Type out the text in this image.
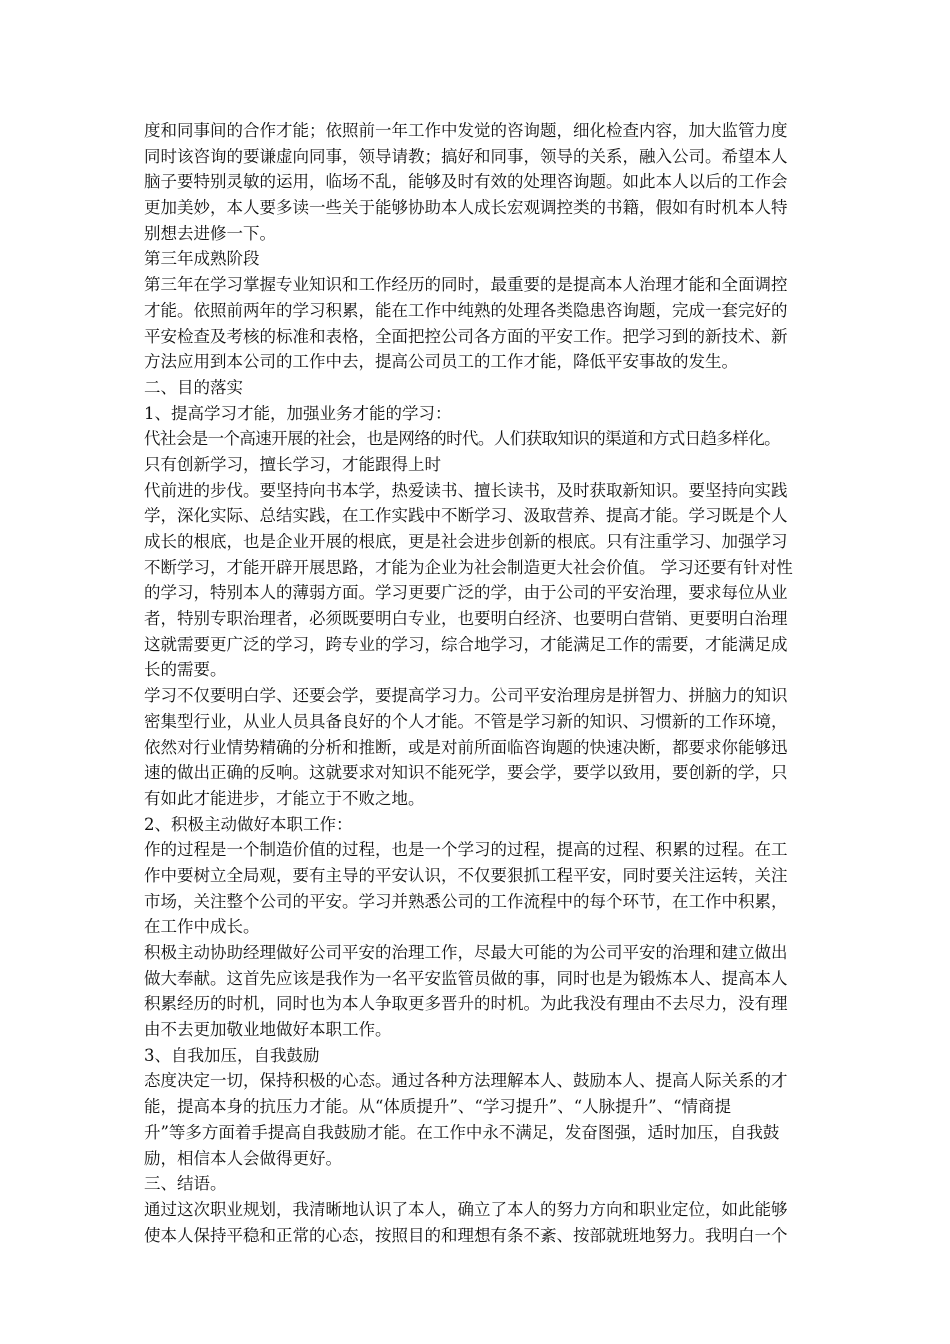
度和同事间的合作才能；依照前一年工作中发觉的咨询题，细化检查内容，加大监管力度
同时该咨询的要谦虚向同事，领导请教；搞好和同事，领导的关系，融入公司。希望本人
脑子要特别灵敏的运用，临场不乱，能够及时有效的处理咨询题。如此本人以后的工作会
更加美妙，本人要多读一些关于能够协助本人成长宏观调控类的书籍，假如有时机本人特
别想去进修一下。
第三年成熟阶段
第三年在学习掌握专业知识和工作经历的同时，最重要的是提高本人治理才能和全面调控
才能。依照前两年的学习积累，能在工作中纯熟的处理各类隐患咨询题，完成一套完好的
平安检查及考核的标准和表格，全面把控公司各方面的平安工作。把学习到的新技术、新
方法应用到本公司的工作中去，提高公司员工的工作才能，降低平安事故的发生。
二、目的落实
1、提高学习才能，加强业务才能的学习：
代社会是一个高速开展的社会，也是网络的时代。人们获取知识的渠道和方式日趋多样化。
只有创新学习，擅长学习，才能跟得上时
代前进的步伐。要坚持向书本学，热爱读书、擅长读书，及时获取新知识。要坚持向实践
学，深化实际、总结实践，在工作实践中不断学习、汲取营养、提高才能。学习既是个人
成长的根底，也是企业开展的根底，更是社会进步创新的根底。只有注重学习、加强学习
不断学习，才能开辟开展思路，才能为企业为社会制造更大社会价值。 学习还要有针对性
的学习，特别本人的薄弱方面。学习更要广泛的学，由于公司的平安治理，要求每位从业
者，特别专职治理者，必须既要明白专业，也要明白经济、也要明白营销、更要明白治理
这就需要更广泛的学习，跨专业的学习，综合地学习，才能满足工作的需要，才能满足成
长的需要。
学习不仅要明白学、还要会学，要提高学习力。公司平安治理房是拼智力、拼脑力的知识
密集型行业，从业人员具备良好的个人才能。不管是学习新的知识、习惯新的工作环境，
依然对行业情势精确的分析和推断，或是对前所面临咨询题的快速决断，都要求你能够迅
速的做出正确的反响。这就要求对知识不能死学，要会学，要学以致用，要创新的学，只
有如此才能进步，才能立于不败之地。
2、积极主动做好本职工作：
作的过程是一个制造价值的过程，也是一个学习的过程，提高的过程、积累的过程。在工
作中要树立全局观，要有主导的平安认识，不仅要狠抓工程平安，同时要关注运转，关注
市场，关注整个公司的平安。学习并熟悉公司的工作流程中的每个环节，在工作中积累，
在工作中成长。
积极主动协助经理做好公司平安的治理工作，尽最大可能的为公司平安的治理和建立做出
做大奉献。这首先应该是我作为一名平安监管员做的事，同时也是为锻炼本人、提高本人
积累经历的时机，同时也为本人争取更多晋升的时机。为此我没有理由不去尽力，没有理
由不去更加敬业地做好本职工作。
3、自我加压，自我鼓励
态度决定一切，保持积极的心态。通过各种方法理解本人、鼓励本人、提高人际关系的才
能，提高本身的抗压力才能。从“体质提升”、“学习提升”、“人脉提升”、“情商提
升”等多方面着手提高自我鼓励才能。在工作中永不满足，发奋图强，适时加压，自我鼓
励，相信本人会做得更好。
三、结语。
通过这次职业规划，我清晰地认识了本人，确立了本人的努力方向和职业定位，如此能够
使本人保持平稳和正常的心态，按照目的和理想有条不紊、按部就班地努力。我明白一个
